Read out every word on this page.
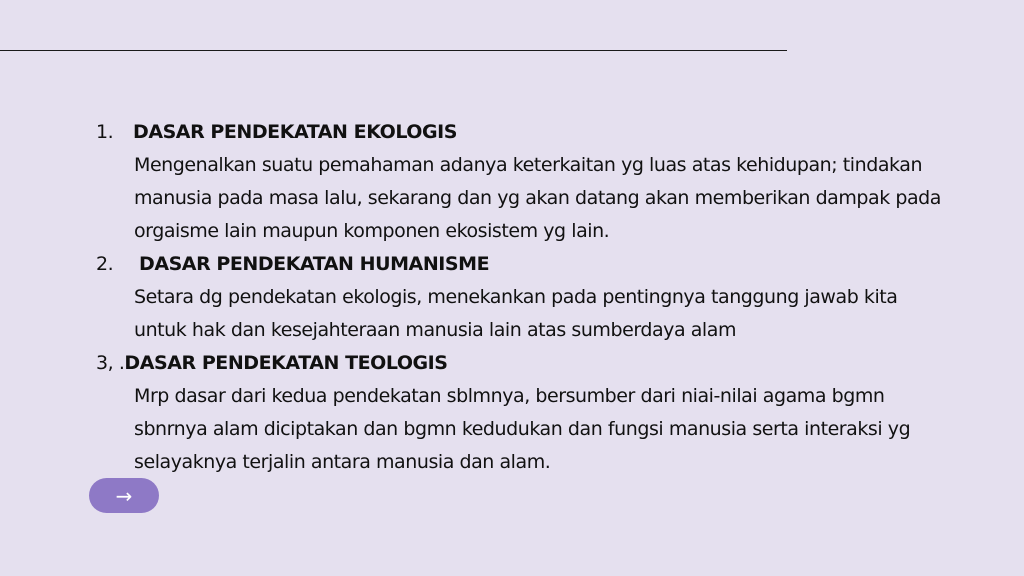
1.	DASAR PENDEKATAN EKOLOGIS
Mengenalkan suatu pemahaman adanya keterkaitan yg luas atas kehidupan; tindakan manusia pada masa lalu, sekarang dan yg akan datang akan memberikan dampak pada orgaisme lain maupun komponen ekosistem yg lain.
2.	DASAR PENDEKATAN HUMANISME
Setara dg pendekatan ekologis, menekankan pada pentingnya tanggung jawab kita untuk hak dan kesejahteraan manusia lain atas sumberdaya alam
3, . DASAR PENDEKATAN TEOLOGIS
Mrp dasar dari kedua pendekatan sblmnya, bersumber dari niai-nilai agama bgmn sbnrnya alam diciptakan dan bgmn kedudukan dan fungsi manusia serta interaksi yg selayaknya terjalin antara manusia dan alam.
→
